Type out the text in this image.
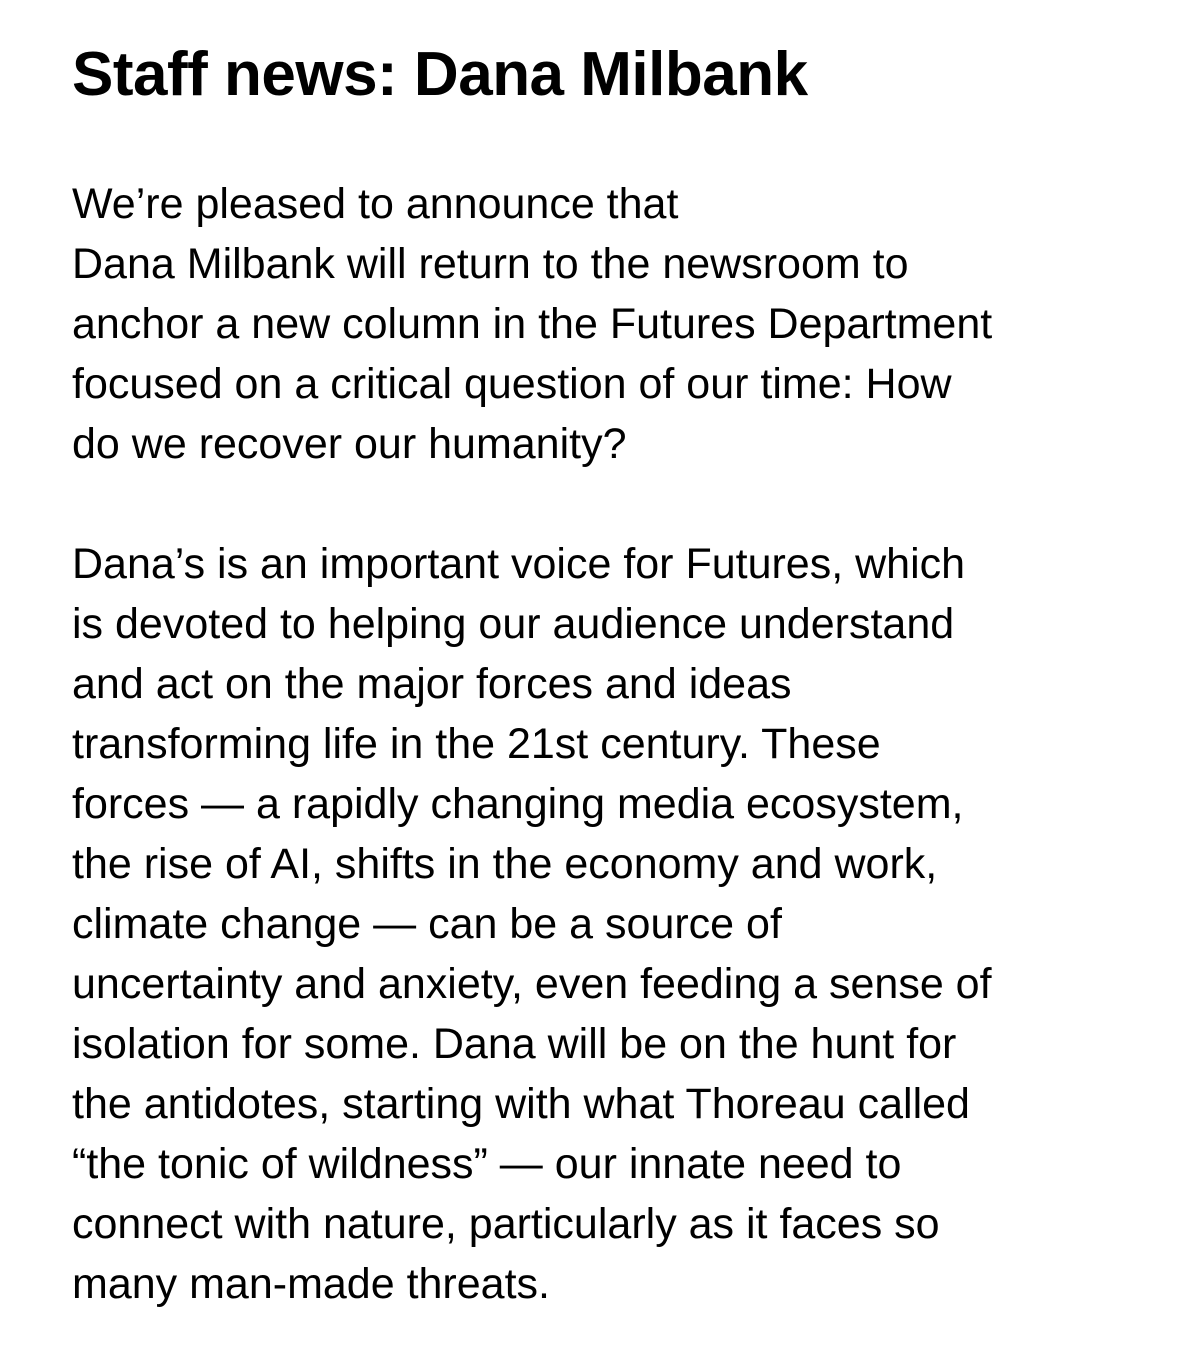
Staff news: Dana Milbank

We’re pleased to announce that
Dana Milbank will return to the newsroom to
anchor a new column in the Futures Department
focused on a critical question of our time: How
do we recover our humanity?

Dana’s is an important voice for Futures, which
is devoted to helping our audience understand
and act on the major forces and ideas
transforming life in the 21st century. These
forces — a rapidly changing media ecosystem,
the rise of AI, shifts in the economy and work,
climate change — can be a source of
uncertainty and anxiety, even feeding a sense of
isolation for some. Dana will be on the hunt for
the antidotes, starting with what Thoreau called
“the tonic of wildness” — our innate need to
connect with nature, particularly as it faces so
many man-made threats.
